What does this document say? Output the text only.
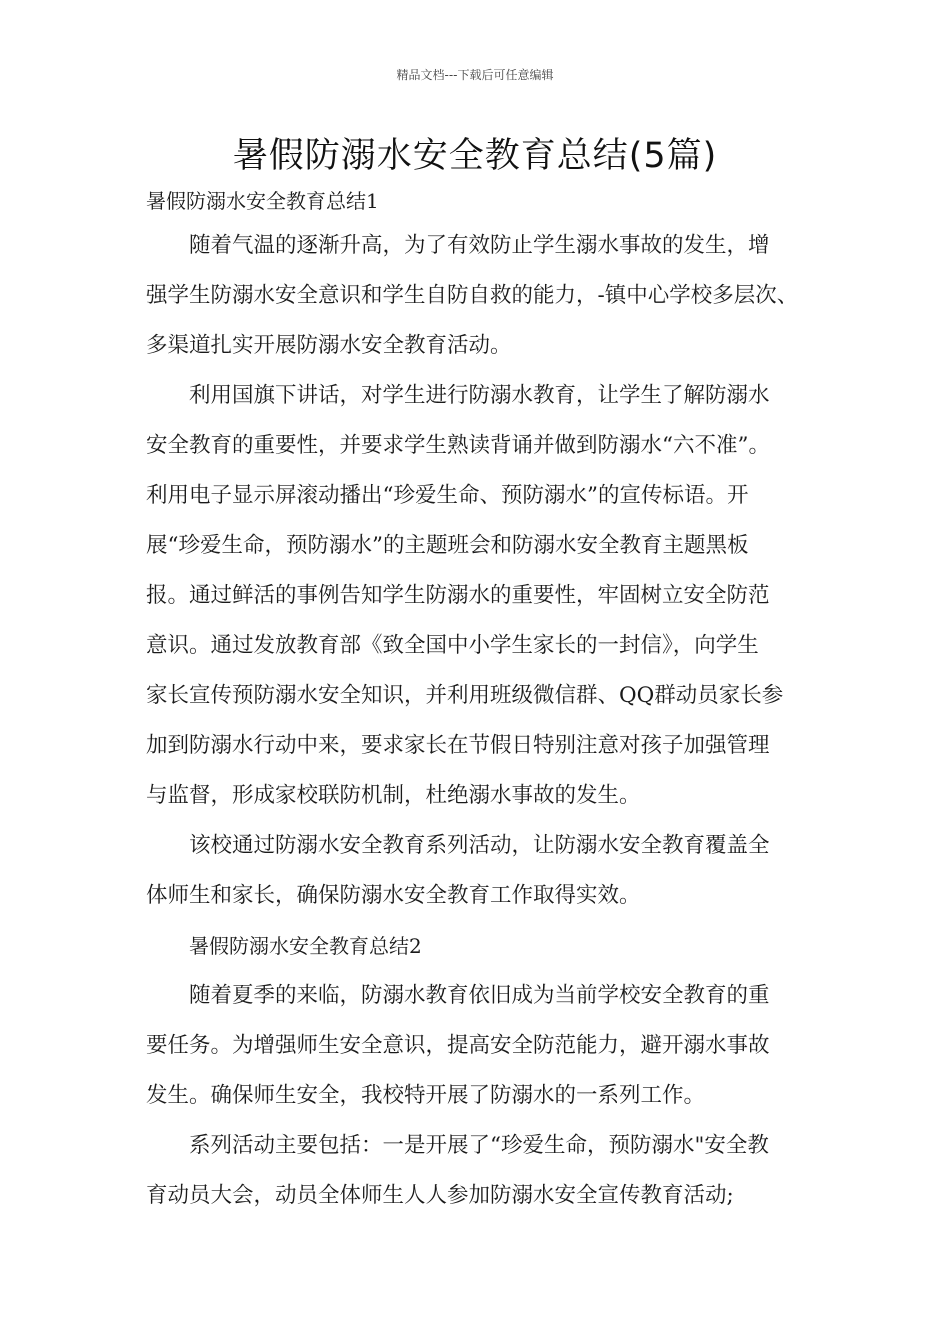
精品文档---下载后可任意编辑
暑假防溺水安全教育总结(5篇)
暑假防溺水安全教育总结1
随着气温的逐渐升高，为了有效防止学生溺水事故的发生，增
强学生防溺水安全意识和学生自防自救的能力，-镇中心学校多层次、
多渠道扎实开展防溺水安全教育活动。
利用国旗下讲话，对学生进行防溺水教育，让学生了解防溺水
安全教育的重要性，并要求学生熟读背诵并做到防溺水“六不准”。
利用电子显示屏滚动播出“珍爱生命、预防溺水”的宣传标语。开
展“珍爱生命，预防溺水”的主题班会和防溺水安全教育主题黑板
报。通过鲜活的事例告知学生防溺水的重要性，牢固树立安全防范
意识。通过发放教育部《致全国中小学生家长的一封信》，向学生
家长宣传预防溺水安全知识，并利用班级微信群、QQ群动员家长参
加到防溺水行动中来，要求家长在节假日特别注意对孩子加强管理
与监督，形成家校联防机制，杜绝溺水事故的发生。
该校通过防溺水安全教育系列活动，让防溺水安全教育覆盖全
体师生和家长，确保防溺水安全教育工作取得实效。
暑假防溺水安全教育总结2
随着夏季的来临，防溺水教育依旧成为当前学校安全教育的重
要任务。为增强师生安全意识，提高安全防范能力，避开溺水事故
发生。确保师生安全，我校特开展了防溺水的一系列工作。
系列活动主要包括：一是开展了“珍爱生命，预防溺水"安全教
育动员大会，动员全体师生人人参加防溺水安全宣传教育活动;
